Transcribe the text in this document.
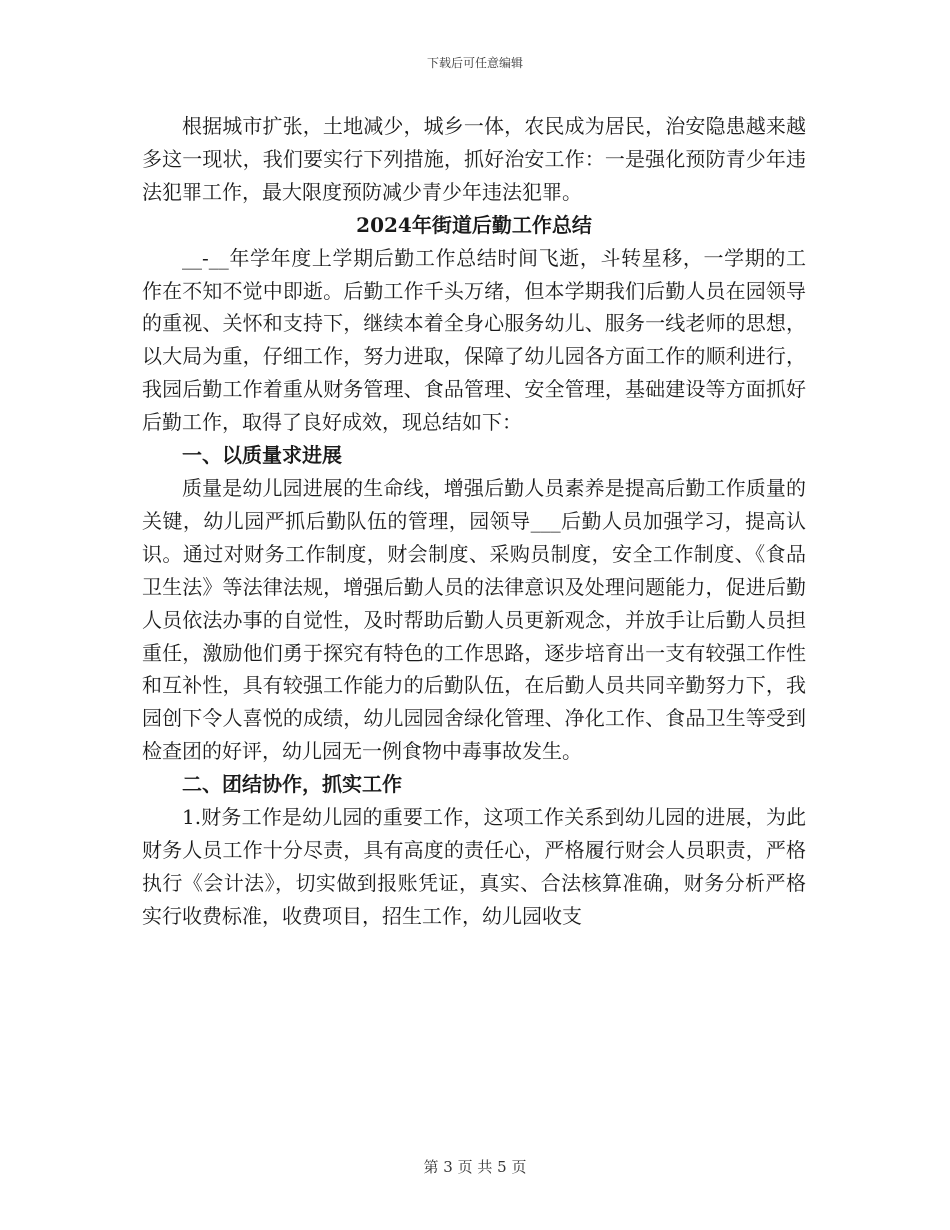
下载后可任意编辑

根据城市扩张，土地减少，城乡一体，农民成为居民，治安隐患越来越多这一现状，我们要实行下列措施，抓好治安工作：一是强化预防青少年违法犯罪工作，最大限度预防减少青少年违法犯罪。

2024年街道后勤工作总结

__-__年学年度上学期后勤工作总结时间飞逝，斗转星移，一学期的工作在不知不觉中即逝。后勤工作千头万绪，但本学期我们后勤人员在园领导的重视、关怀和支持下，继续本着全身心服务幼儿、服务一线老师的思想，以大局为重，仔细工作，努力进取，保障了幼儿园各方面工作的顺利进行，我园后勤工作着重从财务管理、食品管理、安全管理，基础建设等方面抓好后勤工作，取得了良好成效，现总结如下：

一、以质量求进展

质量是幼儿园进展的生命线，增强后勤人员素养是提高后勤工作质量的关键，幼儿园严抓后勤队伍的管理，园领导___后勤人员加强学习，提高认识。通过对财务工作制度，财会制度、采购员制度，安全工作制度、《食品卫生法》等法律法规，增强后勤人员的法律意识及处理问题能力，促进后勤人员依法办事的自觉性，及时帮助后勤人员更新观念，并放手让后勤人员担重任，激励他们勇于探究有特色的工作思路，逐步培育出一支有较强工作性和互补性，具有较强工作能力的后勤队伍，在后勤人员共同辛勤努力下，我园创下令人喜悦的成绩，幼儿园园舍绿化管理、净化工作、食品卫生等受到检查团的好评，幼儿园无一例食物中毒事故发生。

二、团结协作，抓实工作

1.财务工作是幼儿园的重要工作，这项工作关系到幼儿园的进展，为此财务人员工作十分尽责，具有高度的责任心，严格履行财会人员职责，严格执行《会计法》，切实做到报账凭证，真实、合法核算准确，财务分析严格实行收费标准，收费项目，招生工作，幼儿园收支

第 3 页 共 5 页
